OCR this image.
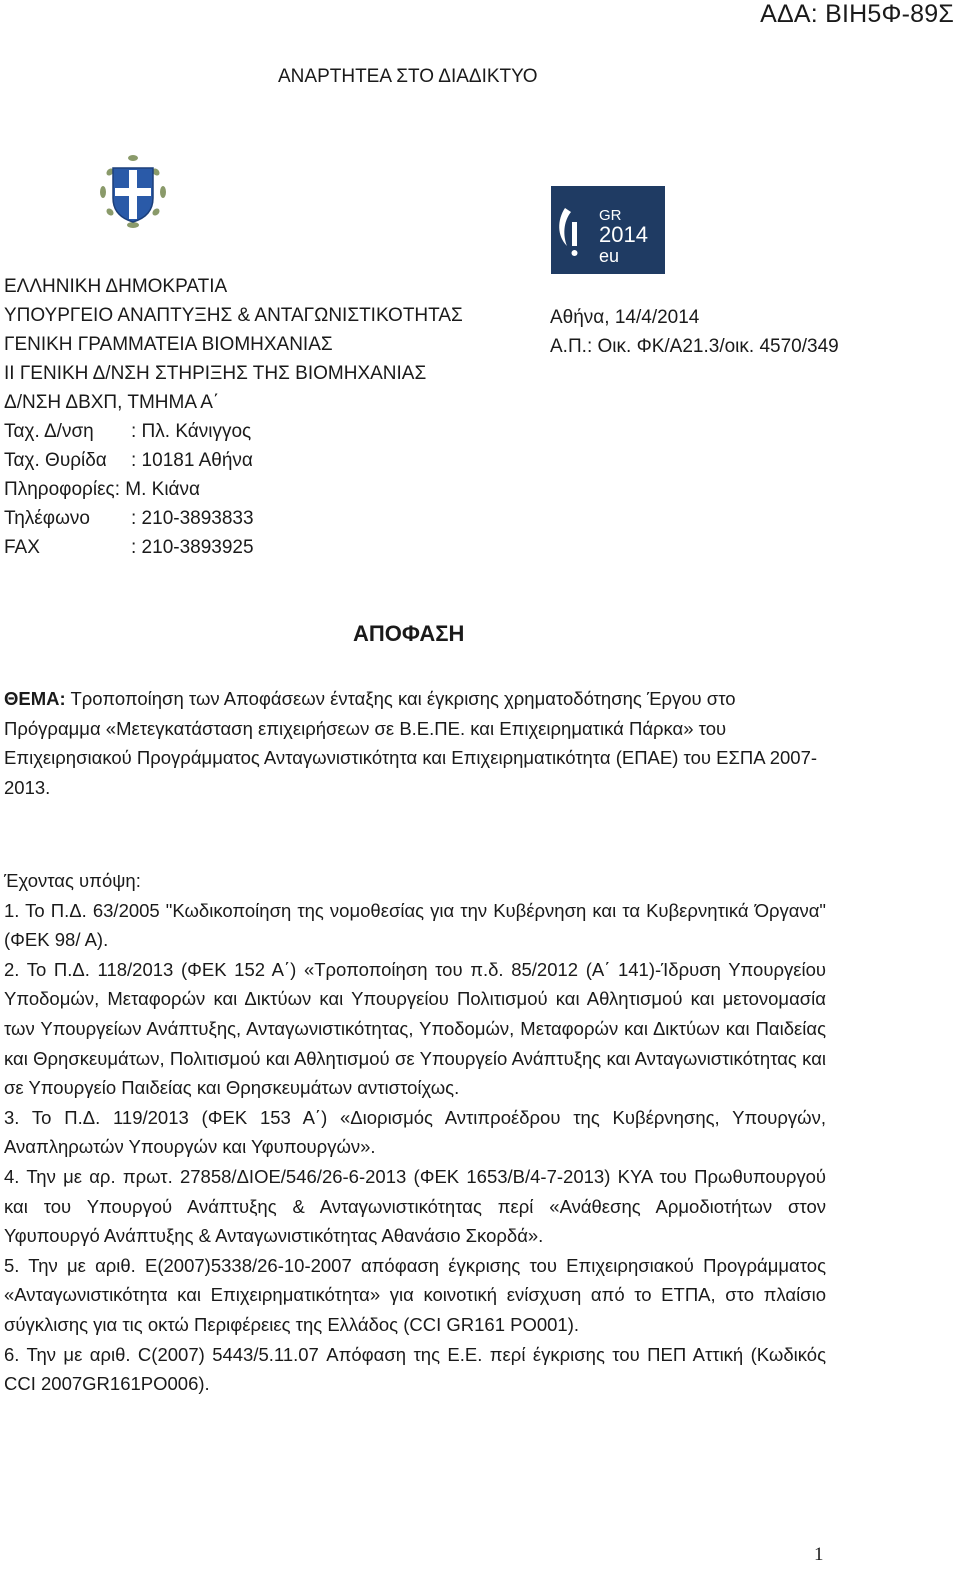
ΑΔΑ: ΒΙΗ5Φ-89Σ
ΑΝΑΡΤΗΤΕΑ ΣΤΟ ΔΙΑΔΙΚΤΥΟ
GR
2014
eu
ΕΛΛΗΝΙΚΗ ΔΗΜΟΚΡΑΤΙΑ
ΥΠΟΥΡΓΕΙΟ ΑΝΑΠΤΥΞΗΣ & ΑΝΤΑΓΩΝΙΣΤΙΚΟΤΗΤΑΣ
ΓΕΝΙΚΗ ΓΡΑΜΜΑΤΕΙΑ ΒΙΟΜΗΧΑΝΙΑΣ
ΙΙ ΓΕΝΙΚΗ Δ/ΝΣΗ ΣΤΗΡΙΞΗΣ ΤΗΣ ΒΙΟΜΗΧΑΝΙΑΣ
Δ/ΝΣΗ ΔΒΧΠ, ΤΜΗΜΑ Α΄
Ταχ. Δ/νση : Πλ. Κάνιγγος
Ταχ. Θυρίδα : 10181 Αθήνα
Πληροφορίες: Μ. Κιάνα
Τηλέφωνο : 210-3893833
FAX	: 210-3893925
Αθήνα, 14/4/2014
Α.Π.: Οικ. ΦΚ/Α21.3/οικ. 4570/349
ΑΠΟΦΑΣΗ
ΘΕΜΑ: Τροποποίηση των Αποφάσεων ένταξης και έγκρισης χρηματοδότησης Έργου στο Πρόγραμμα «Μετεγκατάσταση επιχειρήσεων σε Β.Ε.ΠΕ. και Επιχειρηματικά Πάρκα» του Επιχειρησιακού Προγράμματος Ανταγωνιστικότητα και Επιχειρηματικότητα (ΕΠΑΕ) του ΕΣΠΑ 2007-2013.

Έχοντας υπόψη:

1. Το Π.Δ. 63/2005 "Κωδικοποίηση της νομοθεσίας για την Κυβέρνηση και τα Κυβερνητικά Όργανα" (ΦΕΚ 98/ Α).

2. Το Π.Δ. 118/2013 (ΦΕΚ 152 Α΄) «Τροποποίηση του π.δ. 85/2012 (Α΄ 141)-Ίδρυση Υπουργείου Υποδομών, Μεταφορών και Δικτύων και Υπουργείου Πολιτισμού και Αθλητισμού και μετονομασία των Υπουργείων Ανάπτυξης, Ανταγωνιστικότητας, Υποδομών, Μεταφορών και Δικτύων και Παιδείας και Θρησκευμάτων, Πολιτισμού και Αθλητισμού σε Υπουργείο Ανάπτυξης και Ανταγωνιστικότητας και σε Υπουργείο Παιδείας και Θρησκευμάτων αντιστοίχως.

3. Το Π.Δ. 119/2013 (ΦΕΚ 153 Α΄) «Διορισμός Αντιπροέδρου της Κυβέρνησης, Υπουργών, Αναπληρωτών Υπουργών και Υφυπουργών».

4. Την με αρ. πρωτ. 27858/ΔΙΟΕ/546/26-6-2013 (ΦΕΚ 1653/Β/4-7-2013) ΚΥΑ του Πρωθυπουργού και του Υπουργού Ανάπτυξης & Ανταγωνιστικότητας περί «Ανάθεσης Αρμοδιοτήτων στον Υφυπουργό Ανάπτυξης & Ανταγωνιστικότητας Αθανάσιο Σκορδά».

5. Την με αριθ. Ε(2007)5338/26-10-2007 απόφαση έγκρισης του Επιχειρησιακού Προγράμματος «Ανταγωνιστικότητα και Επιχειρηματικότητα» για κοινοτική ενίσχυση από το ΕΤΠΑ, στο πλαίσιο σύγκλισης για τις οκτώ Περιφέρειες της Ελλάδος (CCI GR161 PO001).

6. Την με αριθ. C(2007) 5443/5.11.07 Απόφαση της Ε.Ε. περί έγκρισης του ΠΕΠ Αττική (Κωδικός CCI 2007GR161PO006).

1
